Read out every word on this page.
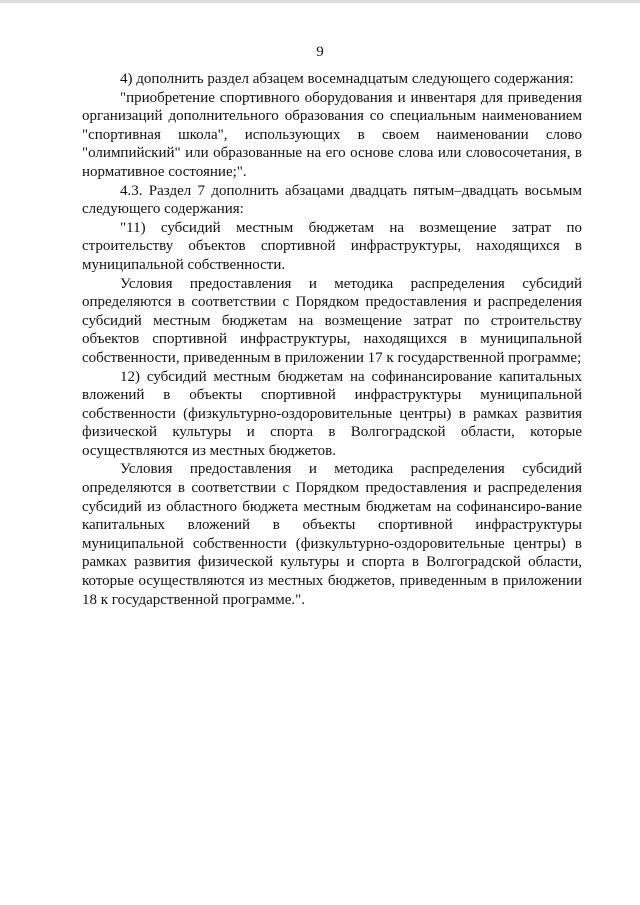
9

4) дополнить раздел абзацем восемнадцатым следующего содержания:

"приобретение спортивного оборудования и инвентаря для приведения организаций дополнительного образования со специальным наименованием "спортивная школа", использующих в своем наименовании слово "олимпийский" или образованные на его основе слова или словосочетания, в нормативное состояние;".

4.3. Раздел 7 дополнить абзацами двадцать пятым–двадцать восьмым следующего содержания:

"11) субсидий местным бюджетам на возмещение затрат по строительству объектов спортивной инфраструктуры, находящихся в муниципальной собственности.

Условия предоставления и методика распределения субсидий определяются в соответствии с Порядком предоставления и распределения субсидий местным бюджетам на возмещение затрат по строительству объектов спортивной инфраструктуры, находящихся в муниципальной собственности, приведенным в приложении 17 к государственной программе;

12) субсидий местным бюджетам на софинансирование капитальных вложений в объекты спортивной инфраструктуры муниципальной собственности (физкультурно-оздоровительные центры) в рамках развития физической культуры и спорта в Волгоградской области, которые осуществляются из местных бюджетов.

Условия предоставления и методика распределения субсидий определяются в соответствии с Порядком предоставления и распределения субсидий из областного бюджета местным бюджетам на софинансиро-вание капитальных вложений в объекты спортивной инфраструктуры муниципальной собственности (физкультурно-оздоровительные центры) в рамках развития физической культуры и спорта в Волгоградской области, которые осуществляются из местных бюджетов, приведенным в приложении 18 к государственной программе.".
